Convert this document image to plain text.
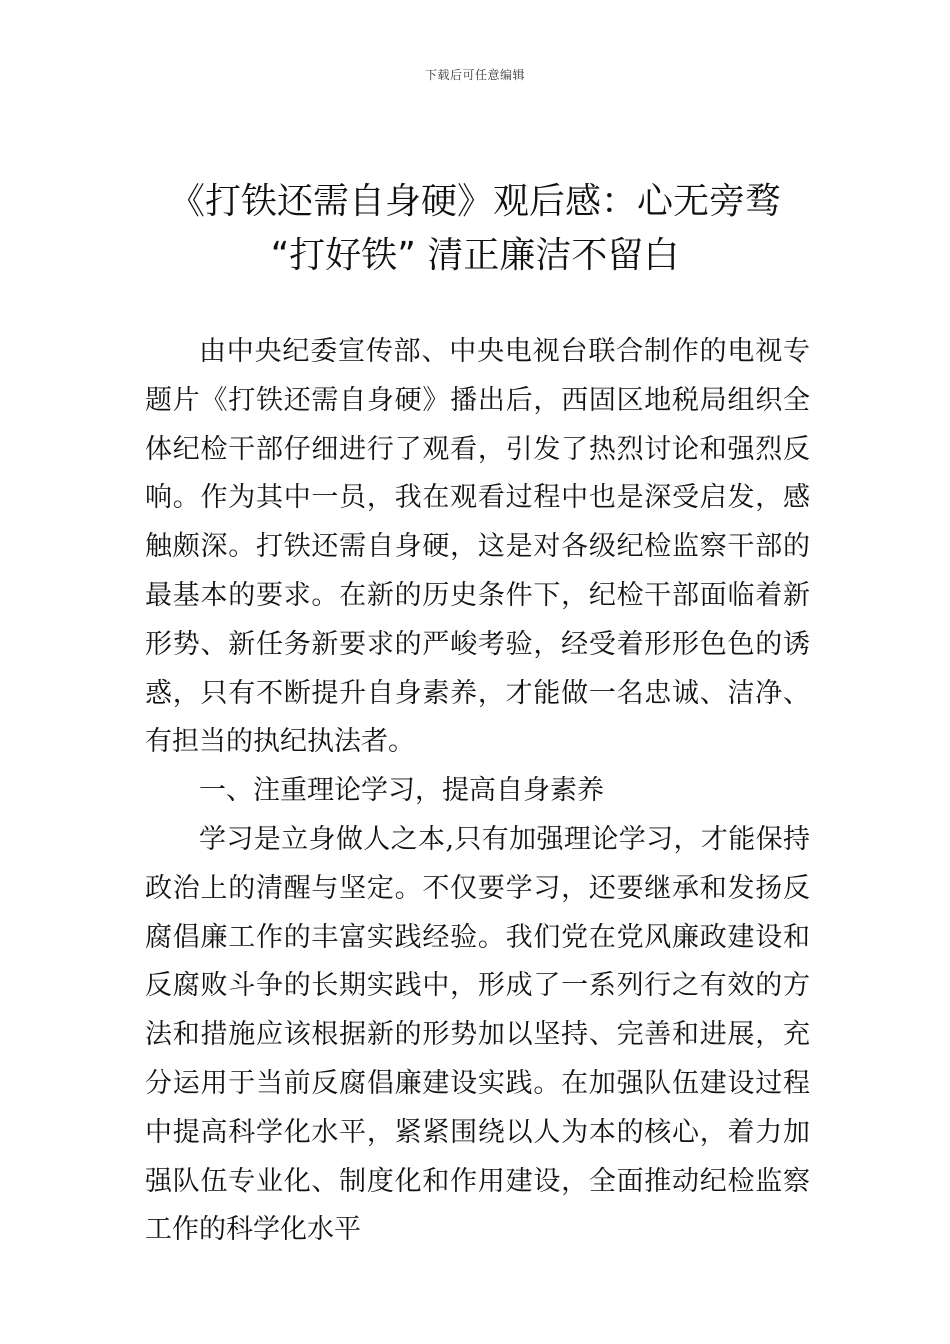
下载后可任意编辑
《打铁还需自身硬》观后感：心无旁骛
“打好铁” 清正廉洁不留白

由中央纪委宣传部、中央电视台联合制作的电视专题片《打铁还需自身硬》播出后，西固区地税局组织全体纪检干部仔细进行了观看，引发了热烈讨论和强烈反响。作为其中一员，我在观看过程中也是深受启发，感触颇深。打铁还需自身硬，这是对各级纪检监察干部的最基本的要求。在新的历史条件下，纪检干部面临着新形势、新任务新要求的严峻考验，经受着形形色色的诱惑，只有不断提升自身素养，才能做一名忠诚、洁净、有担当的执纪执法者。

一、注重理论学习，提高自身素养

学习是立身做人之本,只有加强理论学习，才能保持政治上的清醒与坚定。不仅要学习，还要继承和发扬反腐倡廉工作的丰富实践经验。我们党在党风廉政建设和反腐败斗争的长期实践中，形成了一系列行之有效的方法和措施应该根据新的形势加以坚持、完善和进展，充分运用于当前反腐倡廉建设实践。在加强队伍建设过程中提高科学化水平，紧紧围绕以人为本的核心，着力加强队伍专业化、制度化和作用建设，全面推动纪检监察工作的科学化水平
